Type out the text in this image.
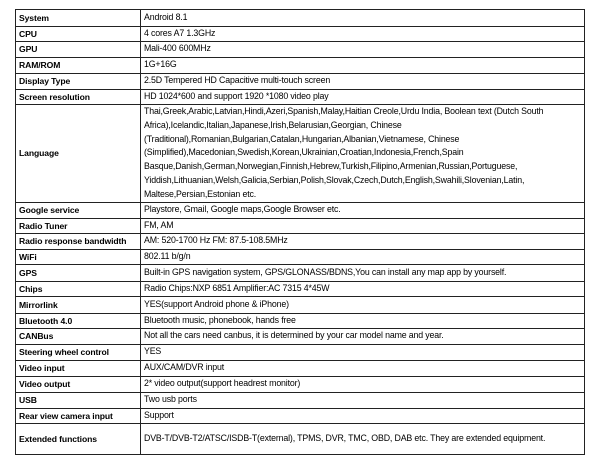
System	Android 8.1
CPU	4 cores A7 1.3GHz
GPU	Mali-400 600MHz
RAM/ROM	1G+16G
Display Type	2.5D Tempered HD Capacitive multi-touch screen
Screen resolution	HD 1024*600 and support 1920 *1080 video play
Language	Thai,Greek,Arabic,Latvian,Hindi,Azeri,Spanish,Malay,Haitian Creole,Urdu India, Boolean text (Dutch South Africa),Icelandic,Italian,Japanese,Irish,Belarusian,Georgian, Chinese (Traditional),Romanian,Bulgarian,Catalan,Hungarian,Albanian,Vietnamese, Chinese (Simplified),Macedonian,Swedish,Korean,Ukrainian,Croatian,Indonesia,French,Spain Basque,Danish,German,Norwegian,Finnish,Hebrew,Turkish,Filipino,Armenian,Russian,Portuguese, Yiddish,Lithuanian,Welsh,Galicia,Serbian,Polish,Slovak,Czech,Dutch,English,Swahili,Slovenian,Latin, Maltese,Persian,Estonian etc.
Google service	Playstore, Gmail, Google maps,Google Browser etc.
Radio Tuner	FM, AM
Radio response bandwidth	AM: 520-1700 Hz FM: 87.5-108.5MHz
WiFi	802.11 b/g/n
GPS	Built-in GPS navigation system, GPS/GLONASS/BDNS,You can install any map app by yourself.
Chips	Radio Chips:NXP 6851 Amplifier:AC 7315 4*45W
Mirrorlink	YES(support Android phone & iPhone)
Bluetooth 4.0	Bluetooth music, phonebook, hands free
CANBus	Not all the cars need canbus, it is determined by your car model name and year.
Steering wheel control	YES
Video input	AUX/CAM/DVR input
Video output	2* video output(support headrest monitor)
USB	Two usb ports
Rear view camera input	Support
Extended functions	DVB-T/DVB-T2/ATSC/ISDB-T(external), TPMS, DVR, TMC, OBD, DAB etc. They are extended equipment.
